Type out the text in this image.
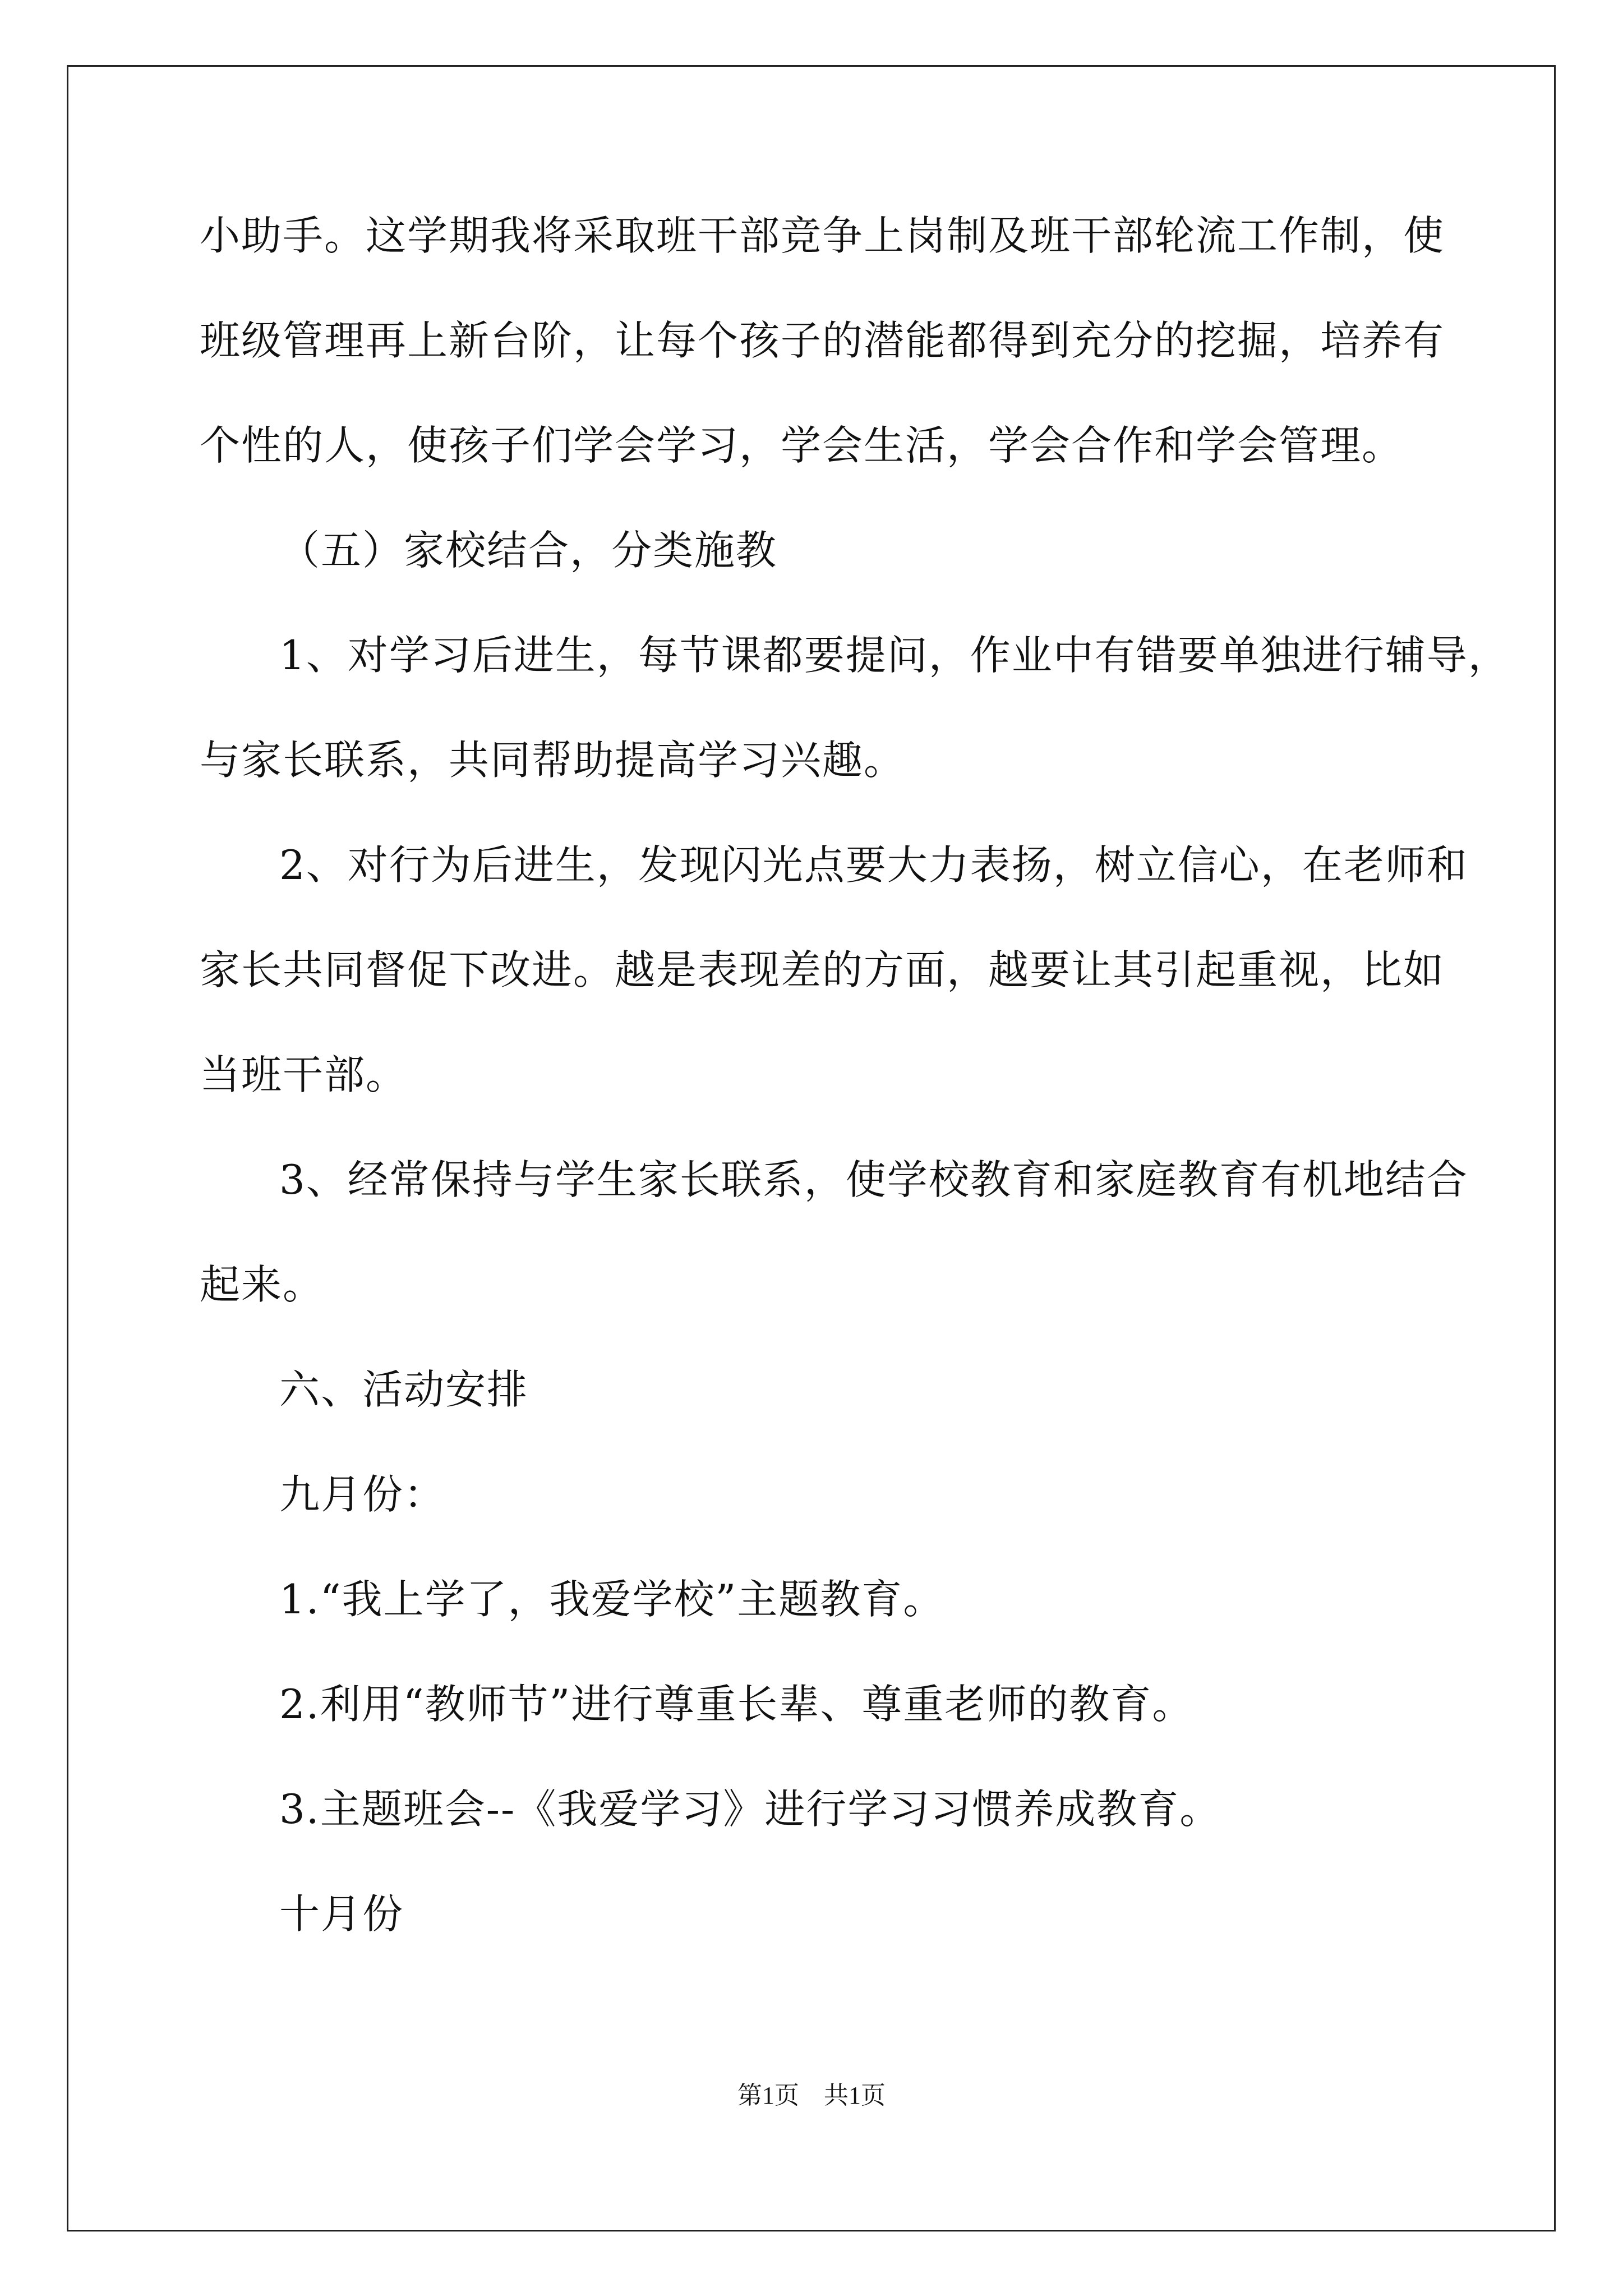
小助手。这学期我将采取班干部竞争上岗制及班干部轮流工作制，使
班级管理再上新台阶，让每个孩子的潜能都得到充分的挖掘，培养有
个性的人，使孩子们学会学习，学会生活，学会合作和学会管理。
（五）家校结合，分类施教
1、对学习后进生，每节课都要提问，作业中有错要单独进行辅导，
与家长联系，共同帮助提高学习兴趣。
2、对行为后进生，发现闪光点要大力表扬，树立信心，在老师和
家长共同督促下改进。越是表现差的方面，越要让其引起重视，比如
当班干部。
3、经常保持与学生家长联系，使学校教育和家庭教育有机地结合
起来。
六、活动安排
九月份：
1.“我上学了，我爱学校”主题教育。
2.利用“教师节”进行尊重长辈、尊重老师的教育。
3.主题班会--《我爱学习》进行学习习惯养成教育。
十月份
第1页　共1页
